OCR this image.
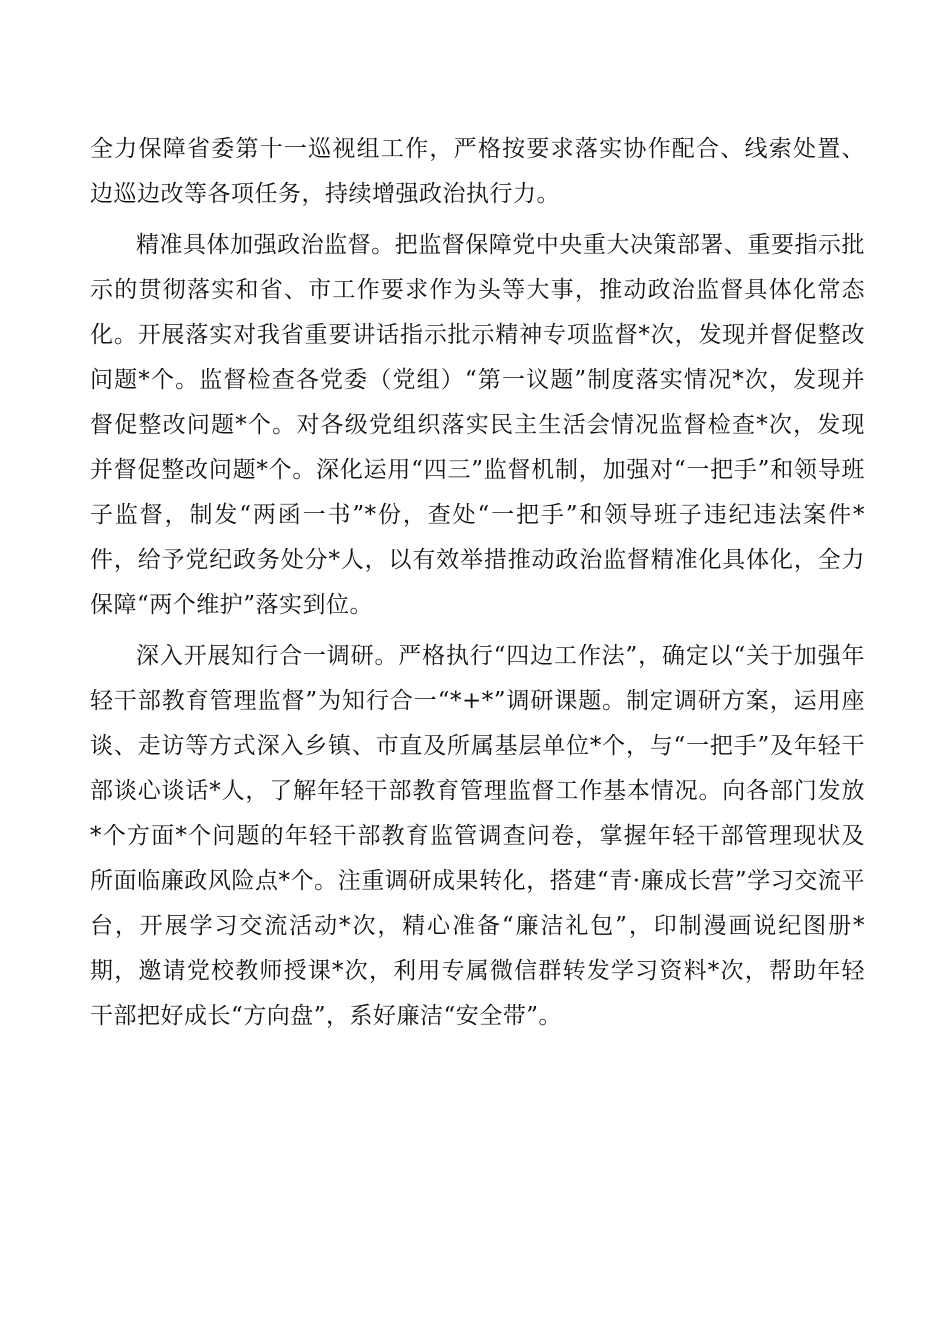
全力保障省委第十一巡视组工作，严格按要求落实协作配合、线索处置、边巡边改等各项任务，持续增强政治执行力。

精准具体加强政治监督。把监督保障党中央重大决策部署、重要指示批示的贯彻落实和省、市工作要求作为头等大事，推动政治监督具体化常态化。开展落实对我省重要讲话指示批示精神专项监督*次，发现并督促整改问题*个。监督检查各党委（党组）“第一议题”制度落实情况*次，发现并督促整改问题*个。对各级党组织落实民主生活会情况监督检查*次，发现并督促整改问题*个。深化运用“四三”监督机制，加强对“一把手”和领导班子监督，制发“两函一书”*份，查处“一把手”和领导班子违纪违法案件*件，给予党纪政务处分*人，以有效举措推动政治监督精准化具体化，全力保障“两个维护”落实到位。

深入开展知行合一调研。严格执行“四边工作法”，确定以“关于加强年轻干部教育管理监督”为知行合一“*+*”调研课题。制定调研方案，运用座谈、走访等方式深入乡镇、市直及所属基层单位*个，与“一把手”及年轻干部谈心谈话*人，了解年轻干部教育管理监督工作基本情况。向各部门发放*个方面*个问题的年轻干部教育监管调查问卷，掌握年轻干部管理现状及所面临廉政风险点*个。注重调研成果转化，搭建“青·廉成长营”学习交流平台，开展学习交流活动*次，精心准备“廉洁礼包”，印制漫画说纪图册*期，邀请党校教师授课*次，利用专属微信群转发学习资料*次，帮助年轻干部把好成长“方向盘”，系好廉洁“安全带”。
